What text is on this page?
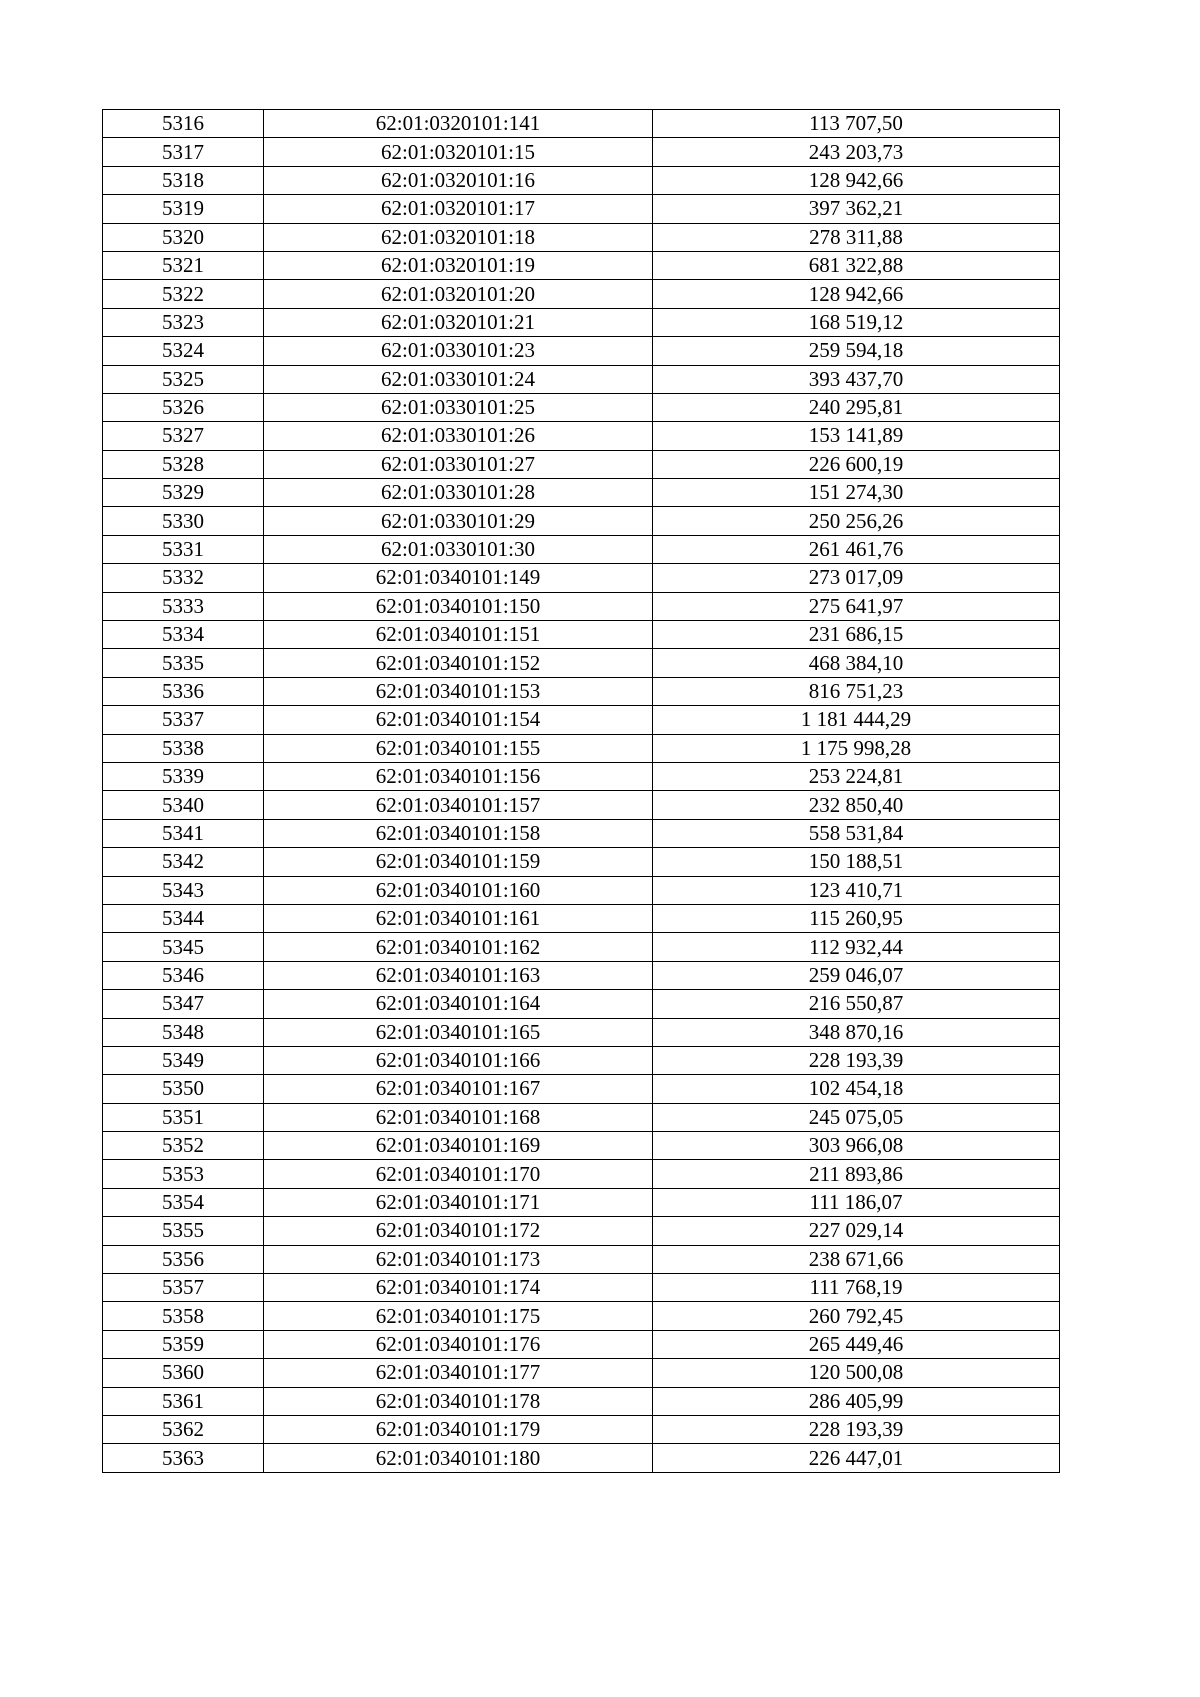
5316	62:01:0320101:141	113 707,50
5317	62:01:0320101:15	243 203,73
5318	62:01:0320101:16	128 942,66
5319	62:01:0320101:17	397 362,21
5320	62:01:0320101:18	278 311,88
5321	62:01:0320101:19	681 322,88
5322	62:01:0320101:20	128 942,66
5323	62:01:0320101:21	168 519,12
5324	62:01:0330101:23	259 594,18
5325	62:01:0330101:24	393 437,70
5326	62:01:0330101:25	240 295,81
5327	62:01:0330101:26	153 141,89
5328	62:01:0330101:27	226 600,19
5329	62:01:0330101:28	151 274,30
5330	62:01:0330101:29	250 256,26
5331	62:01:0330101:30	261 461,76
5332	62:01:0340101:149	273 017,09
5333	62:01:0340101:150	275 641,97
5334	62:01:0340101:151	231 686,15
5335	62:01:0340101:152	468 384,10
5336	62:01:0340101:153	816 751,23
5337	62:01:0340101:154	1 181 444,29
5338	62:01:0340101:155	1 175 998,28
5339	62:01:0340101:156	253 224,81
5340	62:01:0340101:157	232 850,40
5341	62:01:0340101:158	558 531,84
5342	62:01:0340101:159	150 188,51
5343	62:01:0340101:160	123 410,71
5344	62:01:0340101:161	115 260,95
5345	62:01:0340101:162	112 932,44
5346	62:01:0340101:163	259 046,07
5347	62:01:0340101:164	216 550,87
5348	62:01:0340101:165	348 870,16
5349	62:01:0340101:166	228 193,39
5350	62:01:0340101:167	102 454,18
5351	62:01:0340101:168	245 075,05
5352	62:01:0340101:169	303 966,08
5353	62:01:0340101:170	211 893,86
5354	62:01:0340101:171	111 186,07
5355	62:01:0340101:172	227 029,14
5356	62:01:0340101:173	238 671,66
5357	62:01:0340101:174	111 768,19
5358	62:01:0340101:175	260 792,45
5359	62:01:0340101:176	265 449,46
5360	62:01:0340101:177	120 500,08
5361	62:01:0340101:178	286 405,99
5362	62:01:0340101:179	228 193,39
5363	62:01:0340101:180	226 447,01
